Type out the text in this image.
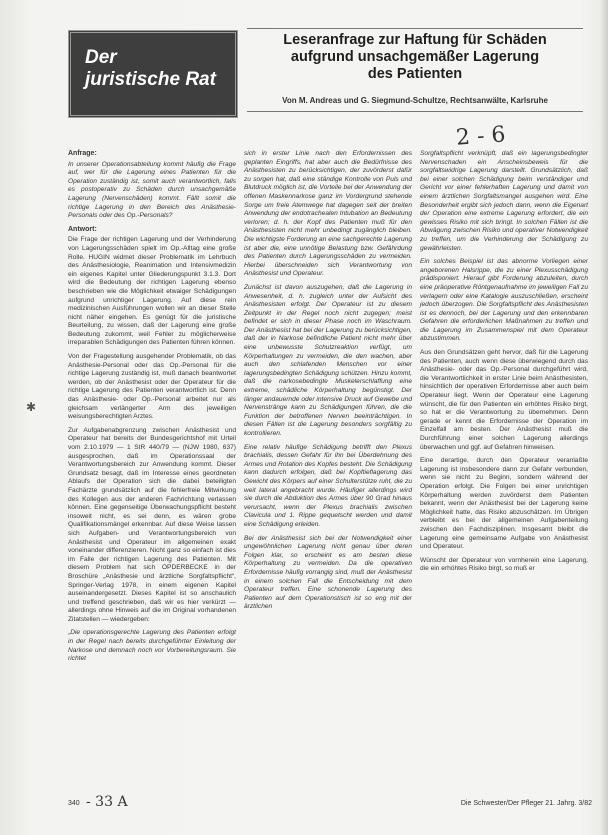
Der
juristische Rat
Leseranfrage zur Haftung für Schäden
aufgrund unsachgemäßer Lagerung
des Patienten
Von M. Andreas und G. Siegmund-Schultze, Rechtsanwälte, Karlsruhe
2 - 6
Anfrage:

In unserer Operationsabteilung kommt häufig die Frage auf, wer für die Lagerung eines Patienten für die Operation zuständig ist, somit auch verantwortlich, falls es postoperativ zu Schäden durch unsachgemäße Lagerung (Nervenschäden) kommt. Fällt somit die richtige Lagerung in den Bereich des Anästhesie-Personals oder des Op.-Personals?

Antwort:

Die Frage der richtigen Lagerung und der Verhinderung von Lagerungsschäden spielt im Op.-Alltag eine große Rolle. HUGIN widmet dieser Problematik im Lehrbuch des Anästhesiologie, Reanimation und Intensivmedizin ein eigenes Kapitel unter Gliederungspunkt 3.1.3. Dort wird die Bedeutung der richtigen Lagerung ebenso beschrieben wie die Möglichkeit etwaiger Schädigungen aufgrund unrichtiger Lagerung. Auf diese rein medizinischen Ausführungen wollen wir an dieser Stelle nicht näher eingehen. Es genügt für die juristische Beurteilung, zu wissen, daß der Lagerung eine große Bedeutung zukommt, weil Fehler zu möglicherweise irreparablen Schädigungen des Patienten führen können.

Von der Fragestellung ausgehender Problematik, ob das Anästhesie-Personal oder das Op.-Personal für die richtige Lagerung zuständig ist, muß danach beantwortet werden, ob der Anästhesist oder der Operateur für die richtige Lagerung des Patienten verantwortlich ist. Denn das Anästhesie- oder Op.-Personal arbeitet nur als gleichsam verlängerter Arm des jeweiligen weisungsberechtigten Arztes.

Zur Aufgabenabgrenzung zwischen Anästhesist und Operateur hat bereits der Bundesgerichtshof mit Urteil vom 2.10.1979 — 1 StR 440/79 — (NJW 1980, 637) ausgesprochen, daß im Operationssaal der Verantwortungsbereich zur Anwendung kommt. Dieser Grundsatz besagt, daß im Interesse eines geordneten Ablaufs der Operation sich die dabei beteiligten Fachärzte grundsätzlich auf die fehlerfreie Mitwirkung des Kollegen aus der anderen Fachrichtung verlassen können. Eine gegenseitige Überwachungspflicht besteht insoweit nicht, es sei denn, es wären grobe Qualifikationsmängel erkennbar. Auf diese Weise lassen sich Aufgaben- und Verantwortungsbereich von Anästhesist und Operateur im allgemeinen exakt voneinander differenzieren. Nicht ganz so einfach ist dies im Falle der richtigen Lagerung des Patienten. Mit diesem Problem hat sich OPDERBECKE in der Broschüre „Anästhesie und ärztliche Sorgfaltspflicht“, Springer-Verlag 1978, in einem eigenen Kapitel auseinandergesetzt. Dieses Kapitel ist so anschaulich und treffend geschrieben, daß wir es hier verkürzt — allerdings ohne Hinweis auf die im Original vorhandenen Zitatstellen — wiedergeben:

„Die operationsgerechte Lagerung des Patienten erfolgt in der Regel nach bereits durchgeführter Einleitung der Narkose und demnach noch vor Vorbereitungsraum. Sie richtet

sich in erster Linie nach den Erfordernissen des geplanten Eingriffs, hat aber auch die Bedürfnisse des Anästhesisten zu berücksichtigen, der zuvörderst dafür zu sorgen hat, daß eine ständige Kontrolle von Puls und Blutdruck möglich ist, die Vorteile bei der Anwendung der offenen Maskennarkose ganz im Vordergrund stehende Sorge um freie Atemwege hat dagegen seit der breiten Anwendung der endotrachealen Intubation an Bedeutung verloren; d. h. der Kopf des Patienten muß für den Anästhesisten nicht mehr unbedingt zugänglich bleiben. Die wichtigste Forderung an eine sachgerechte Lagerung ist aber die, eine unnötige Belastung bzw. Gefährdung des Patienten durch Lagerungsschäden zu vermeiden. Hierbei überschneiden sich Verantwortung von Anästhesist und Operateur.

Zunächst ist davon auszugehen, daß die Lagerung in Anwesenheit, d. h. zugleich unter der Aufsicht des Anästhesisten erfolgt. Der Operateur ist zu diesem Zeitpunkt in der Regel noch nicht zugegen; meist befindet er sich in dieser Phase noch im Waschraum. Der Anästhesist hat bei der Lagerung zu berücksichtigen, daß der in Narkose befindliche Patient nicht mehr über eine unbewusste Schutzreaktion verfügt, um Körperhaltungen zu vermeiden, die den wachen, aber auch den schlafenden Menschen vor einer lagerungsbedingten Schädigung schützen. Hinzu kommt, daß die narkosebedingte Muskelerschlaffung eine extreme, schädliche Körperhaltung begünstigt. Der länger andauernde oder intensive Druck auf Gewebe und Nervenstränge kann zu Schädigungen führen, die die Funktion der betroffenen Nerven beeinträchtigen. In diesen Fällen ist die Lagerung besonders sorgfältig zu kontrollieren.

Eine relativ häufige Schädigung betrifft den Plexus brachialis, dessen Gefahr für ihn bei Überdehnung des Armes und Rotation des Kopfes besteht. Die Schädigung kann dadurch erfolgen, daß bei Kopftieflagerung das Gewicht des Körpers auf einer Schulterstütze ruht, die zu weit lateral angebracht wurde. Häufiger allerdings wird sie durch die Abduktion des Armes über 90 Grad hinaus verursacht, wenn der Plexus brachialis zwischen Clavicula und 1. Rippe gequetscht werden und damit eine Schädigung erleiden.

Bei der Anästhesist sich bei der Notwendigkeit einer ungewöhnlichen Lagerung nicht genau über deren Folgen klar, so erscheint es am besten diese Körperhaltung zu vermeiden. Da die operativen Erfordernisse häufig vorrangig sind, muß der Anästhesist in einem solchen Fall die Entscheidung mit dem Operateur treffen. Eine schonende Lagerung des Patienten auf dem Operationstisch ist so eng mit der ärztlichen

Sorgfaltspflicht verknüpft, daß ein lagerungsbedingter Nervenschaden ein Anscheinsbeweis für die sorgfaltswidrige Lagerung darstellt. Grundsätzlich, daß bei einer solchen Schädigung beim verständiger und Gericht vor einer fehlerhaften Lagerung und damit von einem ärztlichen Sorgfaltsmangel ausgehen wird. Eine Besonderheit ergibt sich jedoch dann, wenn die Eigenart der Operation eine extreme Lagerung erfordert, die ein gewisses Risiko mit sich bringt. In solchen Fällen ist die Abwägung zwischen Risiko und operativer Notwendigkeit zu treffen, um die Verhinderung der Schädigung zu gewährleisten.

Ein solches Beispiel ist das abnorme Vorliegen einer angeborenen Halsrippe, die zu einer Plexusschädigung prädisponiert. Hierauf gibt Forderung abzuleiten, durch eine präoperative Röntgenaufnahme im jeweiligen Fall zu verlagern oder eine Katalogie auszuschließen, erscheint jedoch überzogen. Die Sorgfaltspflicht des Anästhesisten ist es dennoch, bei der Lagerung und den erkennbaren Gefahren die erforderlichen Maßnahmen zu treffen und die Lagerung im Zusammenspiel mit dem Operateur abzustimmen.

Aus den Grundsätzen geht hervor, daß für die Lagerung des Patienten, auch wenn diese überwiegend durch das Anästhesie- oder das Op.-Personal durchgeführt wird, die Verantwortlichkeit in erster Linie beim Anästhesisten, hinsichtlich der operativen Erfordernisse aber auch beim Operateur liegt. Wenn der Operateur eine Lagerung wünscht, die für den Patienten ein erhöhtes Risiko birgt, so hat er die Verantwortung zu übernehmen. Denn gerade er kennt die Erfordernisse der Operation im Einzelfall am besten. Der Anästhesist muß die Durchführung einer solchen Lagerung allerdings überwachen und ggf. auf Gefahren hinweisen.

Eine derartige, durch den Operateur veranlaßte Lagerung ist insbesondere dann zur Gefahr verbunden, wenn sie nicht zu Beginn, sondern während der Operation erfolgt. Die Folgen bei einer unrichtigen Körperhaltung werden zuvörderst dem Patienten bekannt, wenn der Anästhesist bei der Lagerung keine Möglichkeit hatte, das Risiko abzuschätzen. Im Übrigen verbleibt es bei der allgemeinen Aufgabenteilung zwischen den Fachdisziplinen. Insgesamt bleibt die Lagerung eine gemeinsame Aufgabe von Anästhesist und Operateur.

Wünscht der Operateur von vornherein eine Lagerung, die ein erhöhtes Risiko birgt, so muß er

✱
340 - 33 A	Die Schwester/Der Pfleger 21. Jahrg. 3/82
